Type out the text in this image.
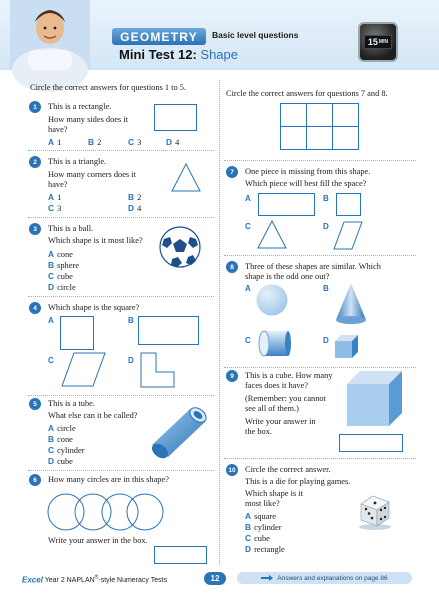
GEOMETRY	Basic level questions
Mini Test 12: Shape
15 MIN
Circle the correct answers for questions 1 to 5.
1	This is a rectangle.
How many sides does it
have?
A 1	B 2	C 3	D 4
2	This is a triangle.
How many corners does it
have?
A 1	B 2
C 3	D 4
3	This is a ball.
Which shape is it most like?
A cone
B sphere
C cube
D circle
4	Which shape is the square?
A	B
C	D
5	This is a tube.
What else can it be called?
A circle
B cone
C cylinder
D cube
6	How many circles are in this shape?
Write your answer in the box.
Circle the correct answers for questions 7 and 8.
7	One piece is missing from this shape.
Which piece will best fill the space?
A	B
C	D
8	Three of these shapes are similar. Which
shape is the odd one out?
A	B
C	D
9	This is a cube. How many
faces does it have?
(Remember: you cannot
see all of them.)
Write your answer in
the box.
10 Circle the correct answer.
This is a die for playing games.
Which shape is it
most like?
A square
B cylinder
C cube
D rectangle
Excel Year 2 NAPLAN®-style Numeracy Tests	12	Answers and explanations on page 86
